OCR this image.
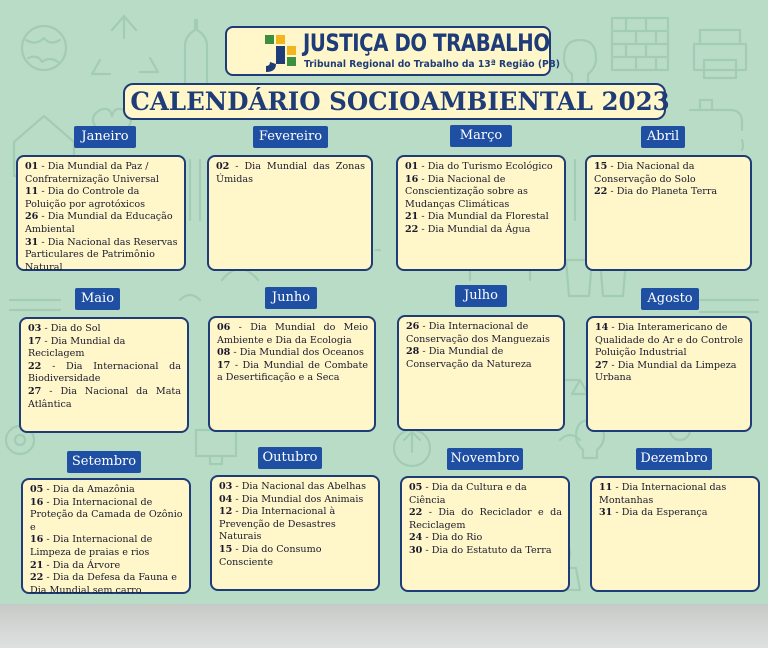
JUSTIÇA DO TRABALHO
Tribunal Regional do Trabalho da 13ª Região (PB)
CALENDÁRIO SOCIOAMBIENTAL 2023
01 - Dia Mundial da Paz / Confraternização Universal
11 - Dia do Controle da Poluição por agrotóxicos
26 - Dia Mundial da Educação Ambiental
31 - Dia Nacional das Reservas Particulares de Patrimônio Natural
Janeiro
02 - Dia Mundial das Zonas Úmidas
Fevereiro
01 - Dia do Turismo Ecológico
16 - Dia Nacional de Conscientização sobre as Mudanças Climáticas
21 - Dia Mundial da Florestal
22 - Dia Mundial da Água
Março
15 - Dia Nacional da Conservação do Solo
22 - Dia do Planeta Terra
Abril
03 - Dia do Sol
17 - Dia Mundial da Reciclagem
22 - Dia Internacional da Biodiversidade
27 - Dia Nacional da Mata Atlântica
Maio
06 - Dia Mundial do Meio Ambiente e Dia da Ecologia
08 - Dia Mundial dos Oceanos
17 - Dia Mundial de Combate a Desertificação e a Seca
Junho
26 - Dia Internacional de Conservação dos Manguezais
28 - Dia Mundial de Conservação da Natureza
Julho
14 - Dia Interamericano de Qualidade do Ar e do Controle Poluição Industrial
27 - Dia Mundial da Limpeza Urbana
Agosto
05 - Dia da Amazônia
16 - Dia Internacional de Proteção da Camada de Ozônio e
16 - Dia Internacional de Limpeza de praias e rios
21 - Dia da Árvore
22 - Dia da Defesa da Fauna e Dia Mundial sem carro
Setembro
03 - Dia Nacional das Abelhas
04 - Dia Mundial dos Animais
12 - Dia Internacional à Prevenção de Desastres Naturais
15 - Dia do Consumo Consciente
Outubro
05 - Dia da Cultura e da Ciência
22 - Dia do Reciclador e da Reciclagem
24 - Dia do Rio
30 - Dia do Estatuto da Terra
Novembro
11 - Dia Internacional das Montanhas
31 - Dia da Esperança
Dezembro
